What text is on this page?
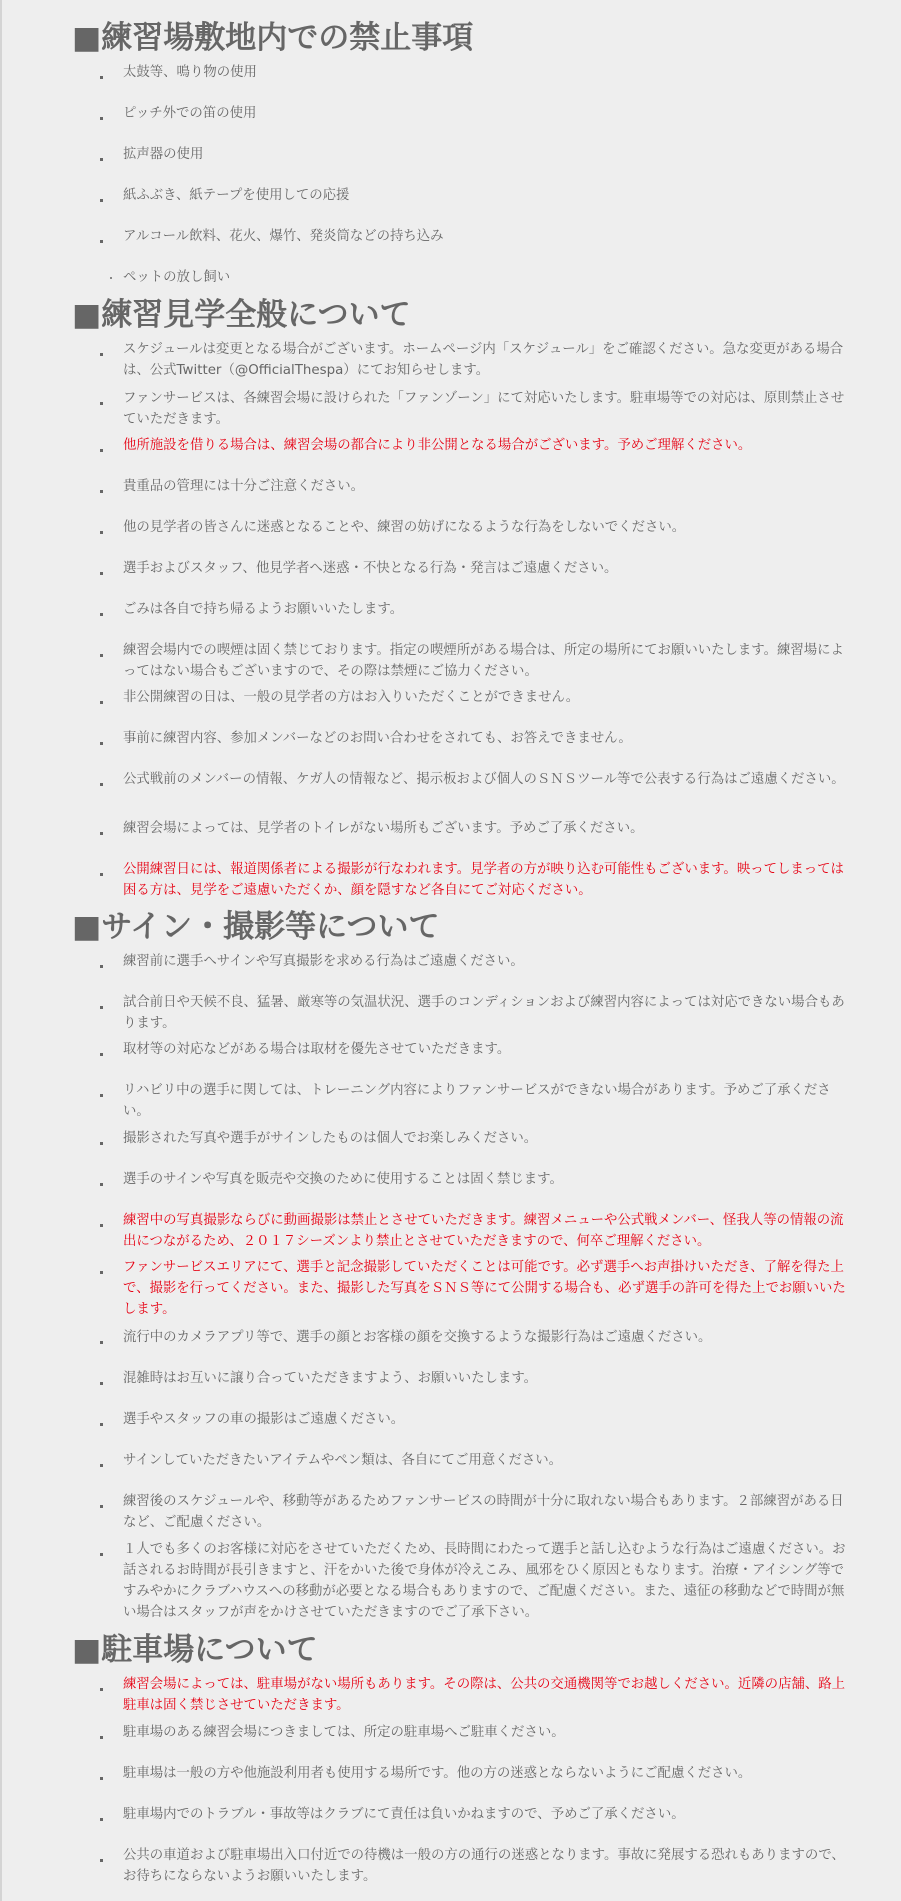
■練習場敷地内での禁止事項
太鼓等、鳴り物の使用
ピッチ外での笛の使用
拡声器の使用
紙ふぶき、紙テープを使用しての応援
アルコール飲料、花火、爆竹、発炎筒などの持ち込み
ペットの放し飼い
■練習見学全般について
スケジュールは変更となる場合がございます。ホームページ内「スケジュール」をご確認ください。急な変更がある場合は、公式Twitter（@OfficialThespa）にてお知らせします。
ファンサービスは、各練習会場に設けられた「ファンゾーン」にて対応いたします。駐車場等での対応は、原則禁止させていただきます。
他所施設を借りる場合は、練習会場の都合により非公開となる場合がございます。予めご理解ください。
貴重品の管理には十分ご注意ください。
他の見学者の皆さんに迷惑となることや、練習の妨げになるような行為をしないでください。
選手およびスタッフ、他見学者へ迷惑・不快となる行為・発言はご遠慮ください。
ごみは各自で持ち帰るようお願いいたします。
練習会場内での喫煙は固く禁じております。指定の喫煙所がある場合は、所定の場所にてお願いいたします。練習場によってはない場合もございますので、その際は禁煙にご協力ください。
非公開練習の日は、一般の見学者の方はお入りいただくことができません。
事前に練習内容、参加メンバーなどのお問い合わせをされても、お答えできません。
公式戦前のメンバーの情報、ケガ人の情報など、掲示板および個人のＳＮＳツール等で公表する行為はご遠慮ください。
練習会場によっては、見学者のトイレがない場所もございます。予めご了承ください。
公開練習日には、報道関係者による撮影が行なわれます。見学者の方が映り込む可能性もございます。映ってしまっては困る方は、見学をご遠慮いただくか、顔を隠すなど各自にてご対応ください。
■サイン・撮影等について
練習前に選手へサインや写真撮影を求める行為はご遠慮ください。
試合前日や天候不良、猛暑、厳寒等の気温状況、選手のコンディションおよび練習内容によっては対応できない場合もあります。
取材等の対応などがある場合は取材を優先させていただきます。
リハビリ中の選手に関しては、トレーニング内容によりファンサービスができない場合があります。予めご了承ください。
撮影された写真や選手がサインしたものは個人でお楽しみください。
選手のサインや写真を販売や交換のために使用することは固く禁じます。
練習中の写真撮影ならびに動画撮影は禁止とさせていただきます。練習メニューや公式戦メンバー、怪我人等の情報の流出につながるため、２０１７シーズンより禁止とさせていただきますので、何卒ご理解ください。
ファンサービスエリアにて、選手と記念撮影していただくことは可能です。必ず選手へお声掛けいただき、了解を得た上で、撮影を行ってください。また、撮影した写真をＳＮＳ等にて公開する場合も、必ず選手の許可を得た上でお願いいたします。
流行中のカメラアプリ等で、選手の顔とお客様の顔を交換するような撮影行為はご遠慮ください。
混雑時はお互いに譲り合っていただきますよう、お願いいたします。
選手やスタッフの車の撮影はご遠慮ください。
サインしていただきたいアイテムやペン類は、各自にてご用意ください。
練習後のスケジュールや、移動等があるためファンサービスの時間が十分に取れない場合もあります。２部練習がある日など、ご配慮ください。
１人でも多くのお客様に対応をさせていただくため、長時間にわたって選手と話し込むような行為はご遠慮ください。お話されるお時間が長引きますと、汗をかいた後で身体が冷えこみ、風邪をひく原因ともなります。治療・アイシング等ですみやかにクラブハウスへの移動が必要となる場合もありますので、ご配慮ください。また、遠征の移動などで時間が無い場合はスタッフが声をかけさせていただきますのでご了承下さい。
■駐車場について
練習会場によっては、駐車場がない場所もあります。その際は、公共の交通機関等でお越しください。近隣の店舗、路上駐車は固く禁じさせていただきます。
駐車場のある練習会場につきましては、所定の駐車場へご駐車ください。
駐車場は一般の方や他施設利用者も使用する場所です。他の方の迷惑とならないようにご配慮ください。
駐車場内でのトラブル・事故等はクラブにて責任は負いかねますので、予めご了承ください。
公共の車道および駐車場出入口付近での待機は一般の方の通行の迷惑となります。事故に発展する恐れもありますので、お待ちにならないようお願いいたします。
